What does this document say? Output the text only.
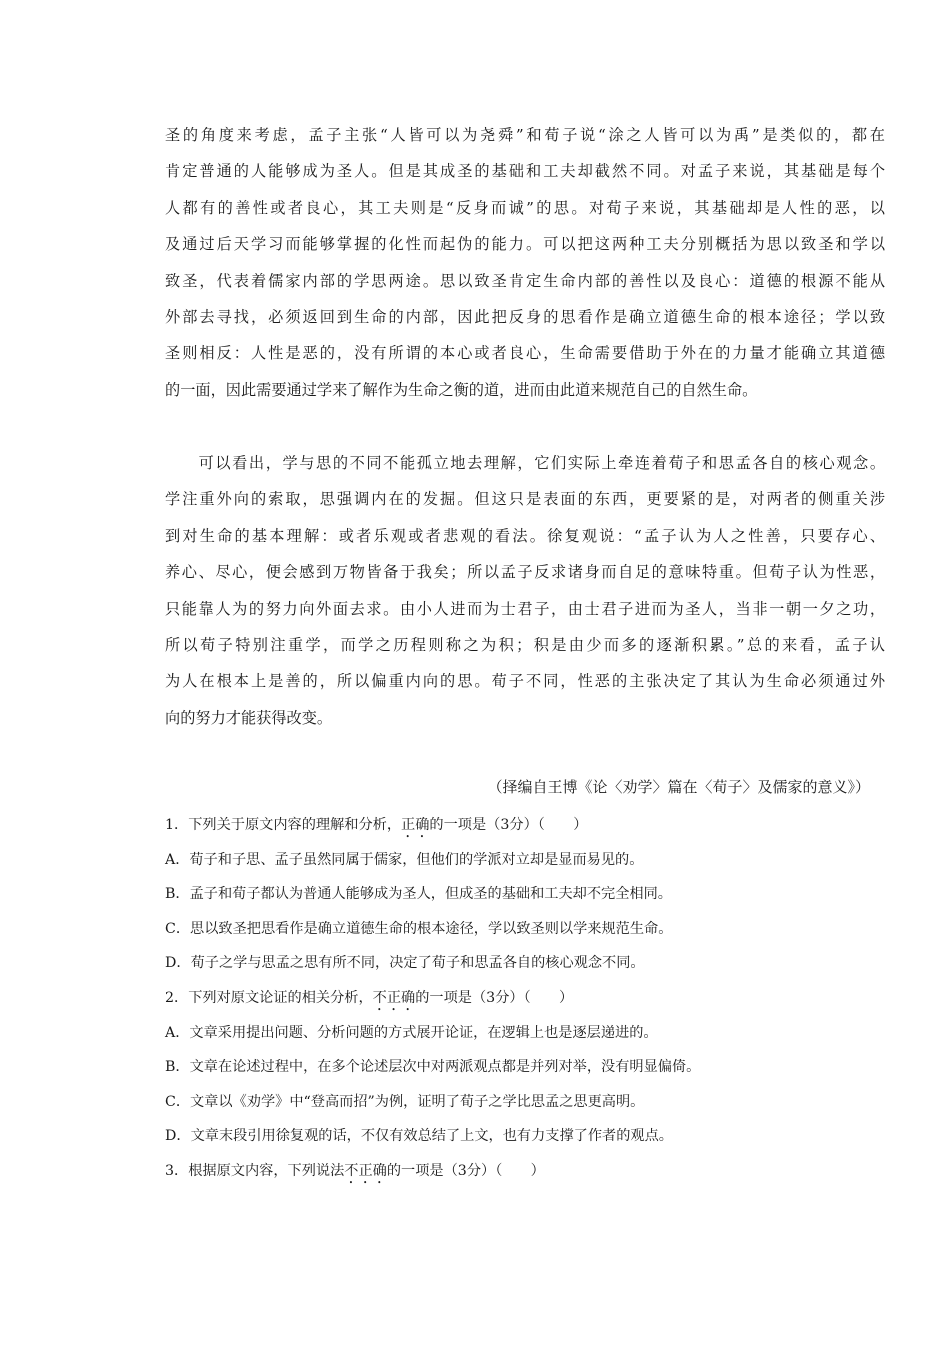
圣的角度来考虑，孟子主张“人皆可以为尧舜”和荀子说“涂之人皆可以为禹”是类似的，都在
肯定普通的人能够成为圣人。但是其成圣的基础和工夫却截然不同。对孟子来说，其基础是每个
人都有的善性或者良心，其工夫则是“反身而诚”的思。对荀子来说，其基础却是人性的恶，以
及通过后天学习而能够掌握的化性而起伪的能力。可以把这两种工夫分别概括为思以致圣和学以
致圣，代表着儒家内部的学思两途。思以致圣肯定生命内部的善性以及良心：道德的根源不能从
外部去寻找，必须返回到生命的内部，因此把反身的思看作是确立道德生命的根本途径；学以致
圣则相反：人性是恶的，没有所谓的本心或者良心，生命需要借助于外在的力量才能确立其道德
的一面，因此需要通过学来了解作为生命之衡的道，进而由此道来规范自己的自然生命。
　　可以看出，学与思的不同不能孤立地去理解，它们实际上牵连着荀子和思孟各自的核心观念。
学注重外向的索取，思强调内在的发掘。但这只是表面的东西，更要紧的是，对两者的侧重关涉
到对生命的基本理解：或者乐观或者悲观的看法。徐复观说：“孟子认为人之性善，只要存心、
养心、尽心，便会感到万物皆备于我矣；所以孟子反求诸身而自足的意味特重。但荀子认为性恶，
只能靠人为的努力向外面去求。由小人进而为士君子，由士君子进而为圣人，当非一朝一夕之功，
所以荀子特别注重学，而学之历程则称之为积；积是由少而多的逐渐积累。”总的来看，孟子认
为人在根本上是善的，所以偏重内向的思。荀子不同，性恶的主张决定了其认为生命必须通过外
向的努力才能获得改变。
（择编自王博《论〈劝学〉篇在〈荀子〉及儒家的意义》）
1．下列关于原文内容的理解和分析，正确的一项是（3分）（　　）
A．荀子和子思、孟子虽然同属于儒家，但他们的学派对立却是显而易见的。
B．孟子和荀子都认为普通人能够成为圣人，但成圣的基础和工夫却不完全相同。
C．思以致圣把思看作是确立道德生命的根本途径，学以致圣则以学来规范生命。
D．荀子之学与思孟之思有所不同，决定了荀子和思孟各自的核心观念不同。
2．下列对原文论证的相关分析，不正确的一项是（3分）（　　）
A．文章采用提出问题、分析问题的方式展开论证，在逻辑上也是逐层递进的。
B．文章在论述过程中，在多个论述层次中对两派观点都是并列对举，没有明显偏倚。
C．文章以《劝学》中“登高而招”为例，证明了荀子之学比思孟之思更高明。
D．文章末段引用徐复观的话，不仅有效总结了上文，也有力支撑了作者的观点。
3．根据原文内容，下列说法不正确的一项是（3分）（　　）
